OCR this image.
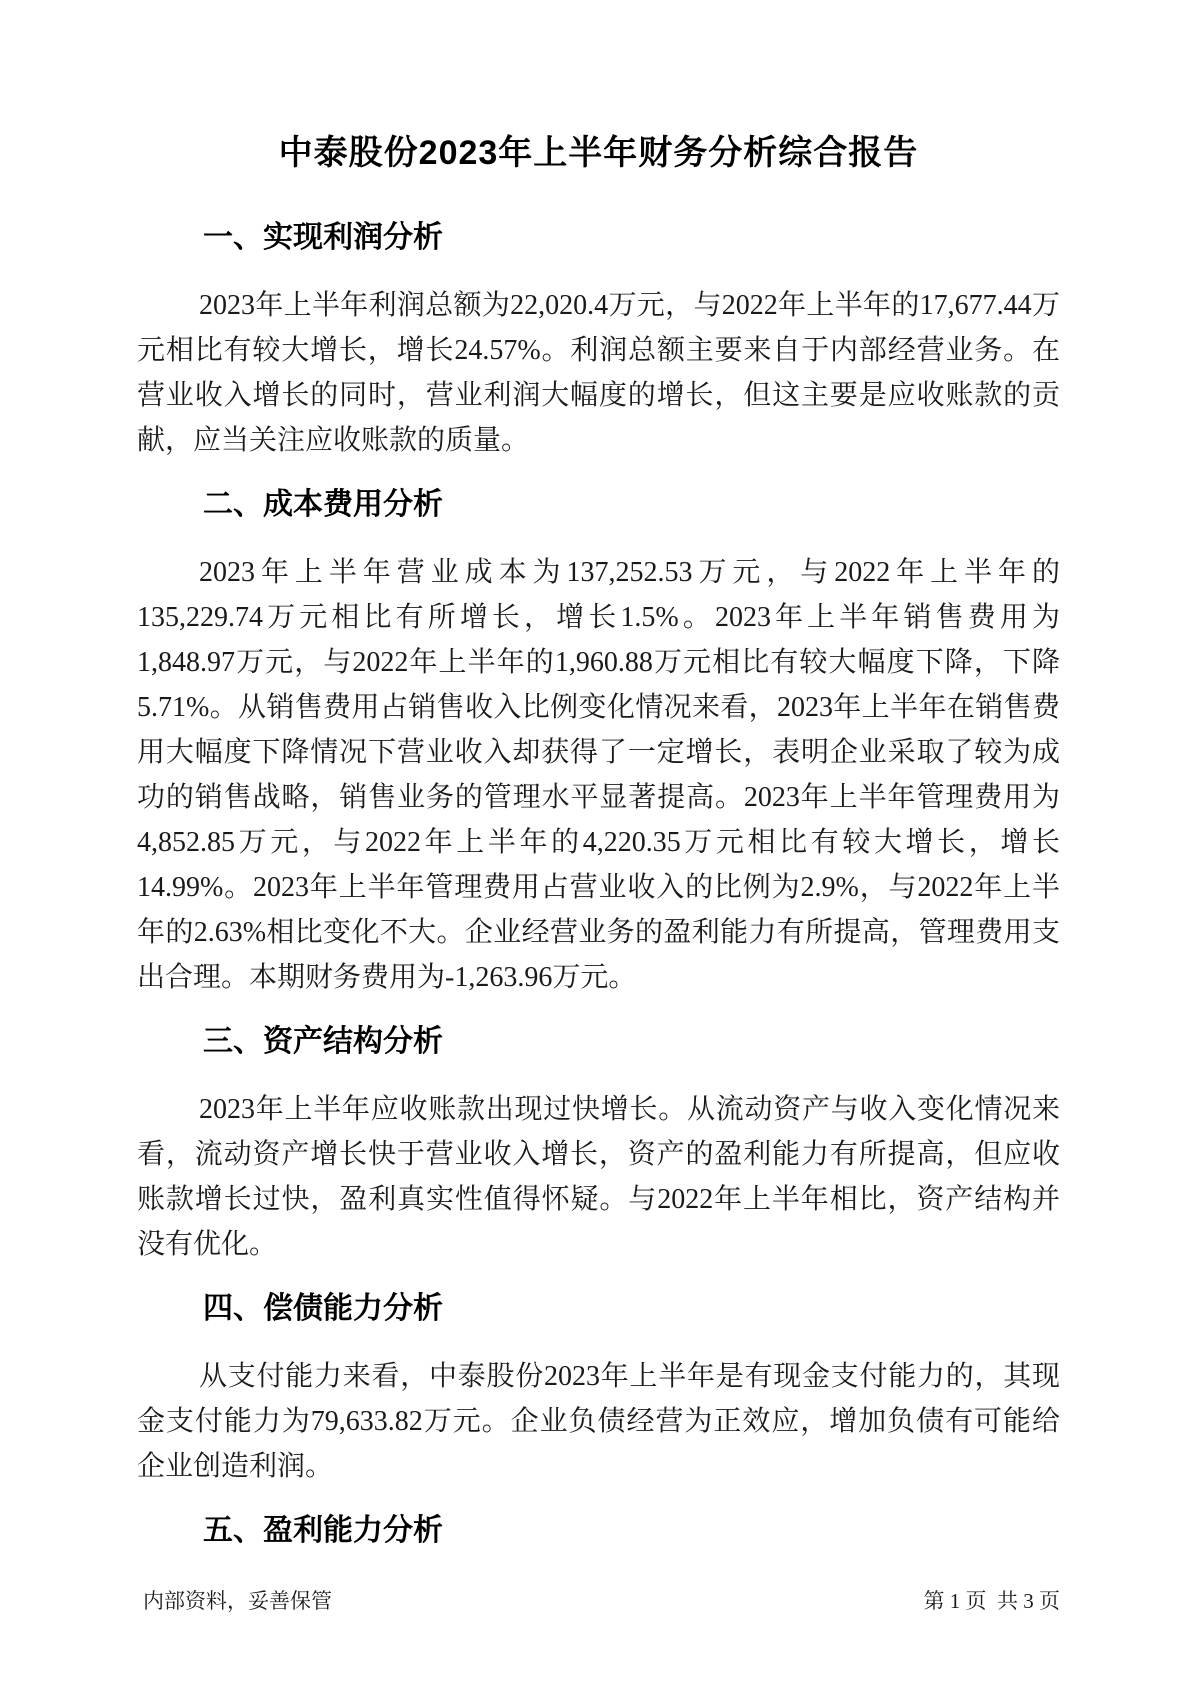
中泰股份2023年上半年财务分析综合报告
一、实现利润分析

2023年上半年利润总额为22,020.4万元，与2022年上半年的17,677.44万元相比有较大增长，增长24.57%。利润总额主要来自于内部经营业务。在营业收入增长的同时，营业利润大幅度的增长，但这主要是应收账款的贡献，应当关注应收账款的质量。

二、成本费用分析

2023年上半年营业成本为137,252.53万元，与2022年上半年的135,229.74万元相比有所增长，增长1.5%。2023年上半年销售费用为1,848.97万元，与2022年上半年的1,960.88万元相比有较大幅度下降，下降5.71%。从销售费用占销售收入比例变化情况来看，2023年上半年在销售费用大幅度下降情况下营业收入却获得了一定增长，表明企业采取了较为成功的销售战略，销售业务的管理水平显著提高。2023年上半年管理费用为4,852.85万元，与2022年上半年的4,220.35万元相比有较大增长，增长14.99%。2023年上半年管理费用占营业收入的比例为2.9%，与2022年上半年的2.63%相比变化不大。企业经营业务的盈利能力有所提高，管理费用支出合理。本期财务费用为-1,263.96万元。

三、资产结构分析

2023年上半年应收账款出现过快增长。从流动资产与收入变化情况来看，流动资产增长快于营业收入增长，资产的盈利能力有所提高，但应收账款增长过快，盈利真实性值得怀疑。与2022年上半年相比，资产结构并没有优化。

四、偿债能力分析

从支付能力来看，中泰股份2023年上半年是有现金支付能力的，其现金支付能力为79,633.82万元。企业负债经营为正效应，增加负债有可能给企业创造利润。

五、盈利能力分析
内部资料，妥善保管	第 1 页  共 3 页
